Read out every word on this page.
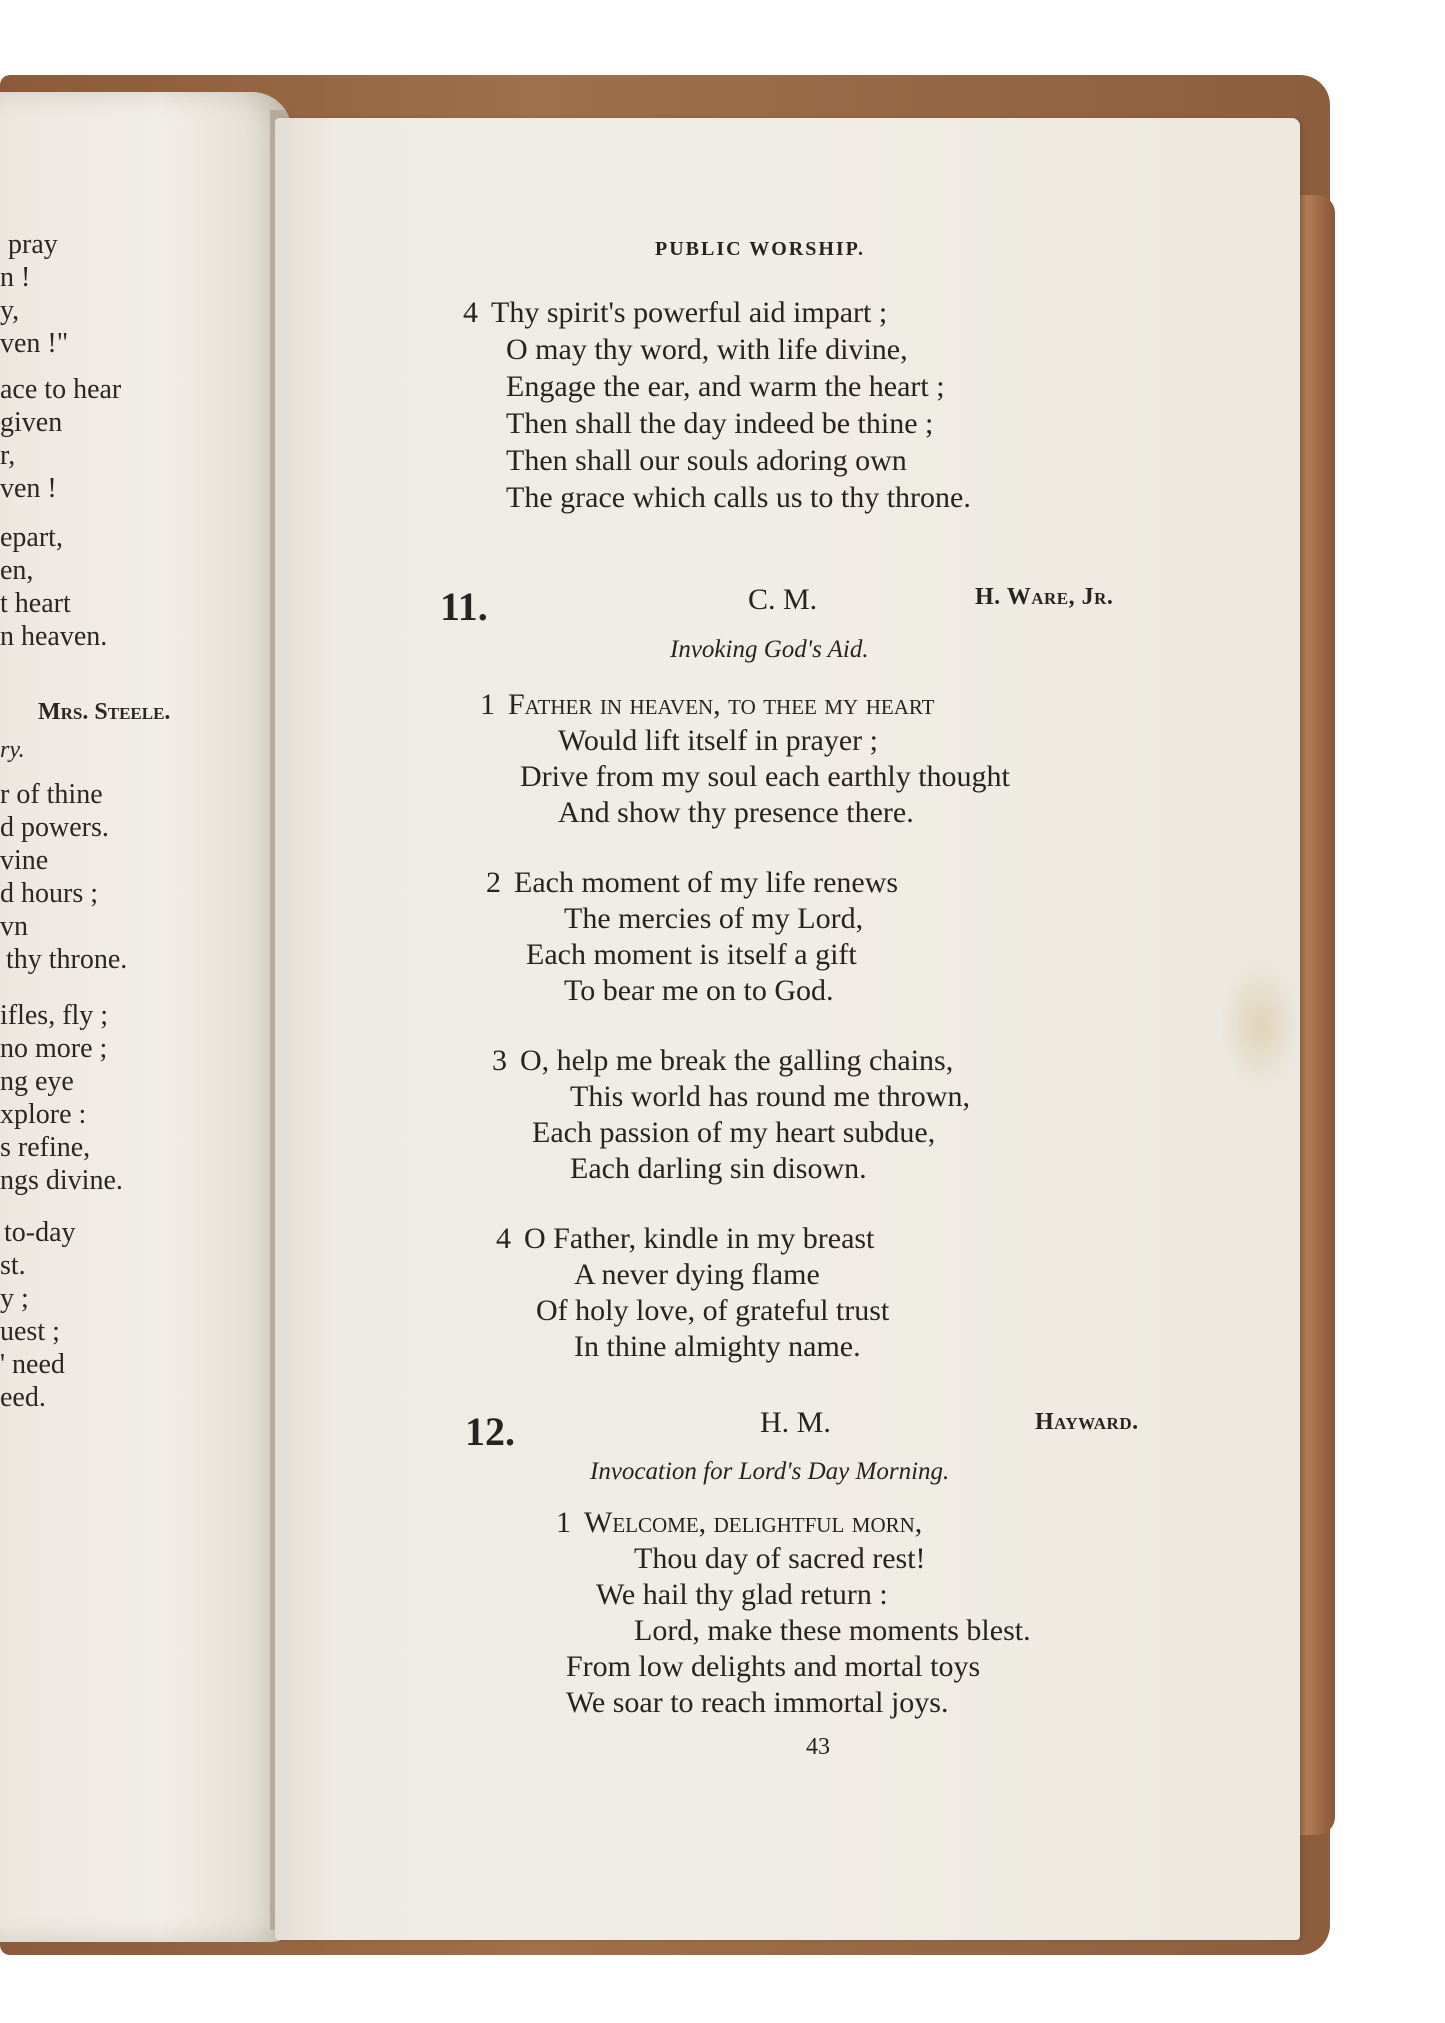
pray
n !
y,
ven !"
ace to hear
given
r,
ven !
epart,
en,
t heart
n heaven.
Mrs. Steele.
ry.
r of thine
d powers.
vine
d hours ;
vn
thy throne.
ifles, fly ;
no more ;
ng eye
xplore :
s refine,
ngs divine.
to-day
st.
y ;
uest ;
' need
eed.
PUBLIC WORSHIP.
4 Thy spirit's powerful aid impart ;
O may thy word, with life divine,
Engage the ear, and warm the heart ;
Then shall the day indeed be thine ;
Then shall our souls adoring own
The grace which calls us to thy throne.
11.	C. M.	H. Ware, Jr.
Invoking God's Aid.
1 Father in heaven, to thee my heart
Would lift itself in prayer ;
Drive from my soul each earthly thought
And show thy presence there.
2 Each moment of my life renews
The mercies of my Lord,
Each moment is itself a gift
To bear me on to God.
3 O, help me break the galling chains,
This world has round me thrown,
Each passion of my heart subdue,
Each darling sin disown.
4 O Father, kindle in my breast
A never dying flame
Of holy love, of grateful trust
In thine almighty name.
12.	H. M.	Hayward.
Invocation for Lord's Day Morning.
1 Welcome, delightful morn,
Thou day of sacred rest!
We hail thy glad return :
Lord, make these moments blest.
From low delights and mortal toys
We soar to reach immortal joys.
43
